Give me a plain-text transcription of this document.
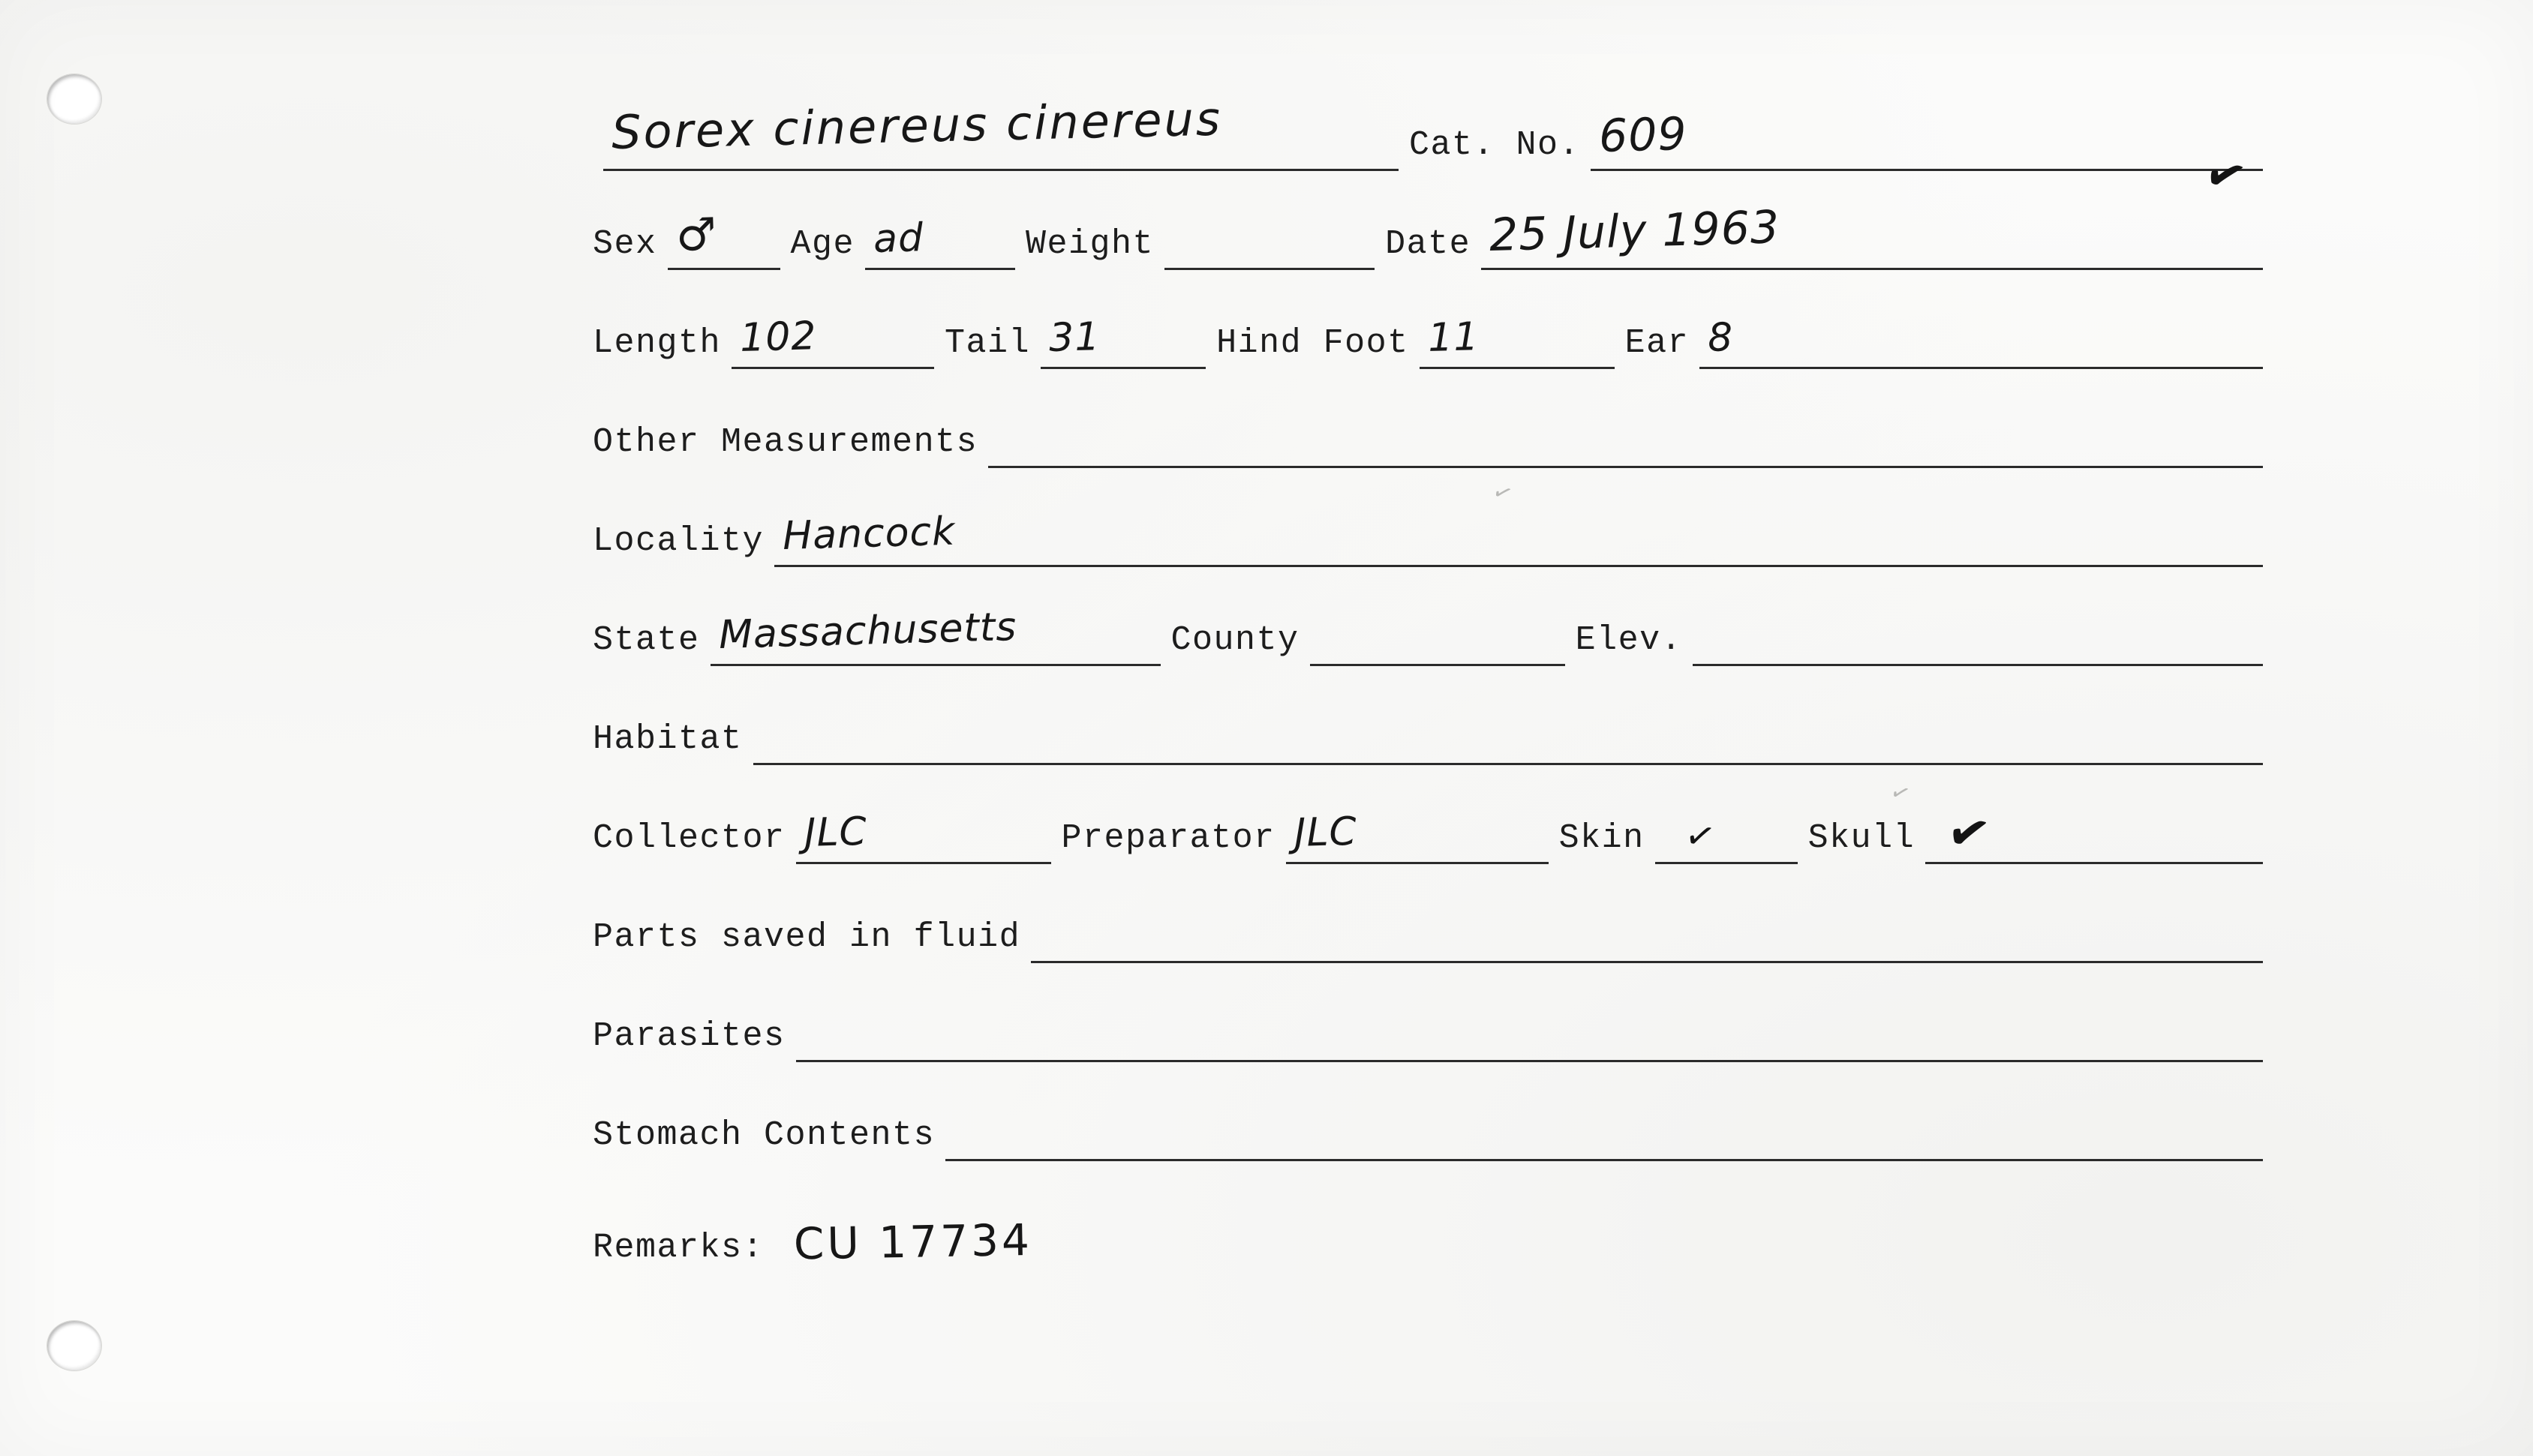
✓
✓
Sorex cinereus cinereus	Cat. No. 609
✔
Sex ♂ Age ad	Weight	Date 25 July 1963
Length 102	Tail 31	Hind Foot 11	Ear 8
Other Measurements
Locality Hancock
State Massachusetts	County	Elev.
Habitat
Collector JLC	Preparator JLC	Skin ✓	Skull ✔
Parts saved in fluid
Parasites
Stomach Contents
Remarks: CU 17734
